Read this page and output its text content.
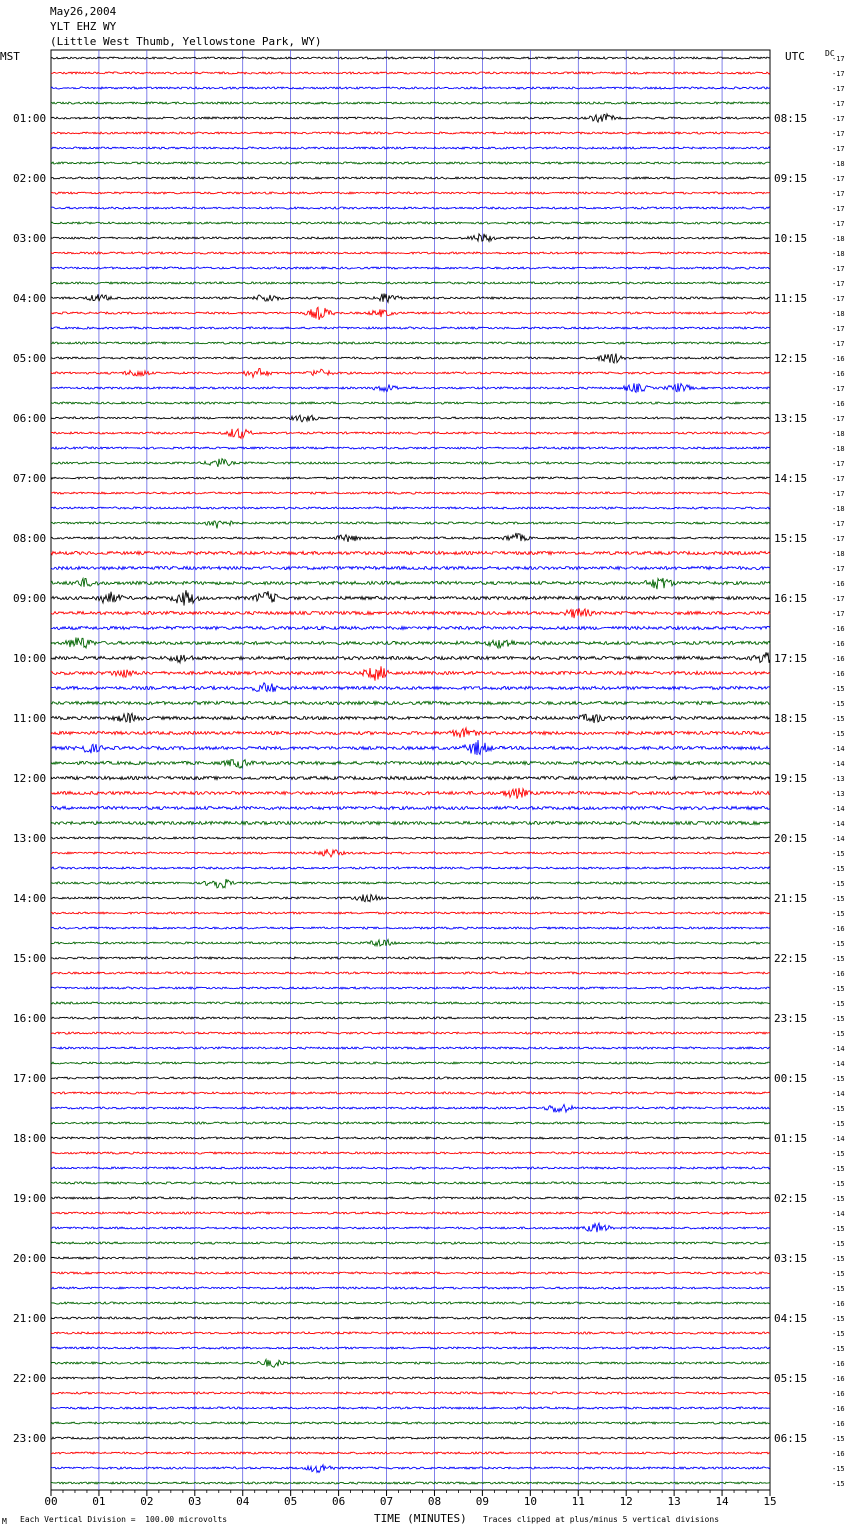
May26,2004
YLT EHZ WY
(Little West Thumb, Yellowstone Park, WY)
MST	UTC	DC
-17
-17
-17
-17
-17
-17
-17
-18
-17
-17
-17
-17
-18
-18
-17
-17
-17
-18
-17
-17
-16
-16
-17
-16
-17
-18
-18
-17
-17
-17
-18
-17
-17
-18
-17
-16
-17
-17
-16
-16
-16
-16
-15
-15
-15
-15
-14
-14
-13
-13
-14
-14
-14
-15
-15
-15
-15
-15
-16
-15
-15
-16
-15
-15
-15
-15
-14
-14
-15
-14
-15
-15
-14
-15
-15
-15
-15
-14
-15
-15
-15
-15
-15
-16
-15
-15
-15
-16
-16
-16
-16
-16
-15
-16
-15
-15
01:00
02:00
03:00
04:00
05:00
06:00
07:00
08:00
09:00
10:00
11:00
12:00
13:00
14:00
15:00
16:00
17:00
18:00
19:00
20:00
21:00
22:00
23:00
08:15
09:15
10:15
11:15
12:15
13:15
14:15
15:15
16:15
17:15
18:15
19:15
20:15
21:15
22:15
23:15
00:15
01:15
02:15
03:15
04:15
05:15
06:15
00	01	02	03	04	05	06	07	08	09	10	11	12	13	14	15
M Each Vertical Division =  100.00 microvolts	TIME (MINUTES) Traces clipped at plus/minus 5 vertical divisions
